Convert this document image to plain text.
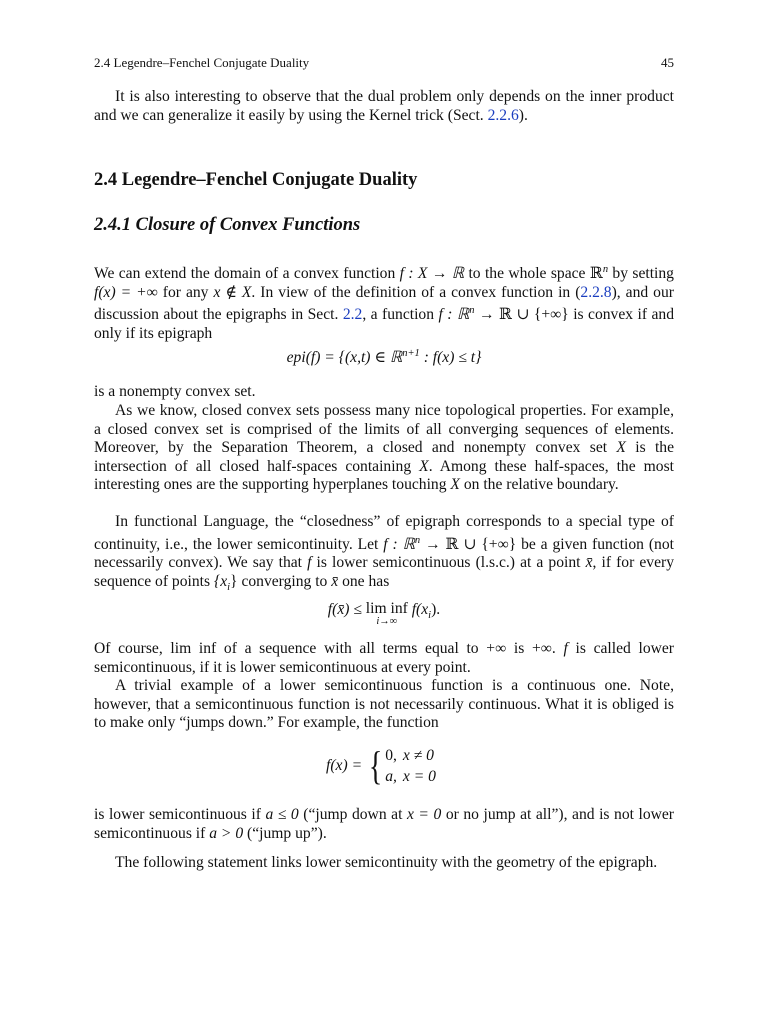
2.4 Legendre–Fenchel Conjugate Duality	45

It is also interesting to observe that the dual problem only depends on the inner product and we can generalize it easily by using the Kernel trick (Sect. 2.2.6).

2.4 Legendre–Fenchel Conjugate Duality
2.4.1 Closure of Convex Functions

We can extend the domain of a convex function f : X → ℝ to the whole space ℝ$^n$ by setting f(x) = +∞ for any x ∉ X. In view of the definition of a convex function in (2.2.8), and our discussion about the epigraphs in Sect. 2.2, a function f : ℝ$^n$ → ℝ ∪ {+∞} is convex if and only if its epigraph

epi(f) = {(x,t) ∈ ℝ$^{n+1}$ : f(x) ≤ t}

is a nonempty convex set.

As we know, closed convex sets possess many nice topological properties. For example, a closed convex set is comprised of the limits of all converging sequences of elements. Moreover, by the Separation Theorem, a closed and nonempty convex set X is the intersection of all closed half-spaces containing X. Among these half-spaces, the most interesting ones are the supporting hyperplanes touching X on the relative boundary.

In functional Language, the “closedness” of epigraph corresponds to a special type of continuity, i.e., the lower semicontinuity. Let f : ℝ$^n$ → ℝ ∪ {+∞} be a given function (not necessarily convex). We say that f is lower semicontinuous (l.s.c.) at a point x̄, if for every sequence of points $\{x_i\}$ converging to x̄ one has

f(x̄) ≤ lim inf
i→∞
$f(x_i)$.

Of course, lim inf of a sequence with all terms equal to +∞ is +∞. f is called lower semicontinuous, if it is lower semicontinuous at every point.

A trivial example of a lower semicontinuous function is a continuous one. Note, however, that a semicontinuous function is not necessarily continuous. What it is obliged is to make only “jumps down.” For example, the function

f(x) = { 0,	x ≠ 0
a,	x = 0

is lower semicontinuous if a ≤ 0 (“jump down at x = 0 or no jump at all”), and is not lower semicontinuous if a > 0 (“jump up”).

The following statement links lower semicontinuity with the geometry of the epigraph.
